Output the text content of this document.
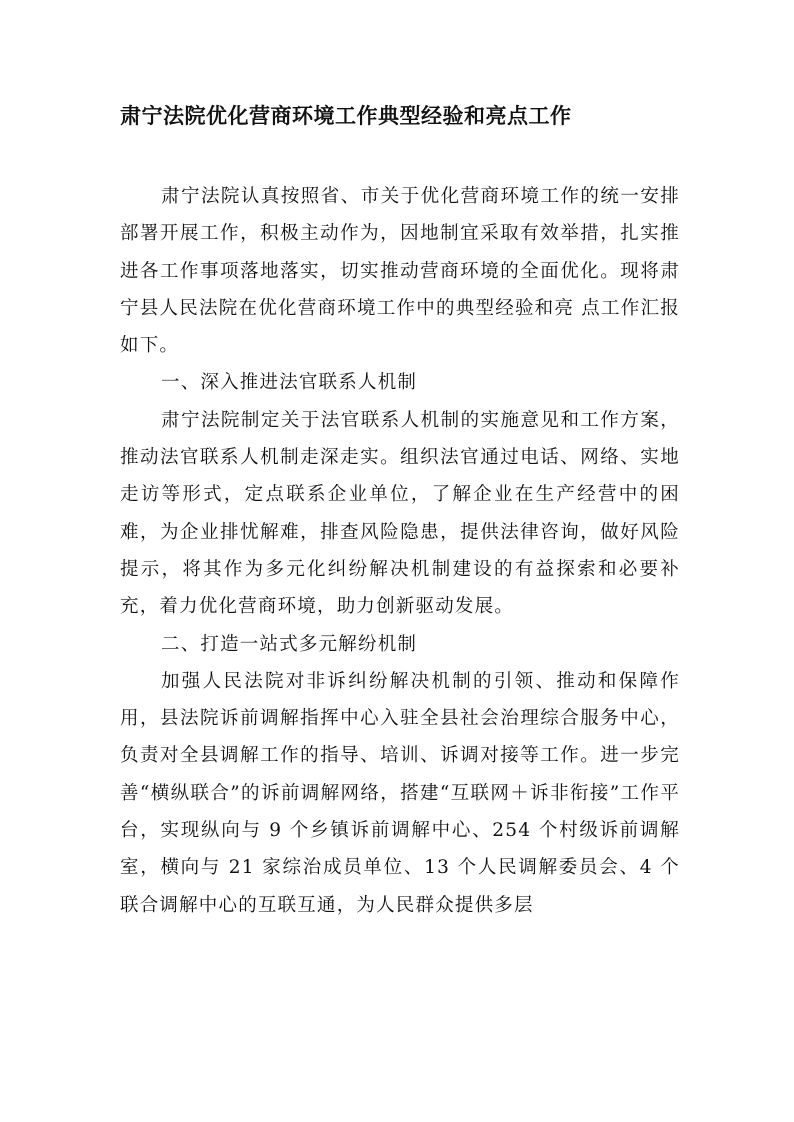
肃宁法院优化营商环境工作典型经验和亮点工作

肃宁法院认真按照省、市关于优化营商环境工作的统一安排部署开展工作，积极主动作为，因地制宜采取有效举措，扎实推进各工作事项落地落实，切实推动营商环境的全面优化。现将肃宁县人民法院在优化营商环境工作中的典型经验和亮 点工作汇报如下。

一、深入推进法官联系人机制

肃宁法院制定关于法官联系人机制的实施意见和工作方案，推动法官联系人机制走深走实。组织法官通过电话、网络、实地走访等形式，定点联系企业单位，了解企业在生产经营中的困难，为企业排忧解难，排查风险隐患，提供法律咨询，做好风险提示，将其作为多元化纠纷解决机制建设的有益探索和必要补充，着力优化营商环境，助力创新驱动发展。

二、打造一站式多元解纷机制

加强人民法院对非诉纠纷解决机制的引领、推动和保障作用，县法院诉前调解指挥中心入驻全县社会治理综合服务中心，负责对全县调解工作的指导、培训、诉调对接等工作。进一步完善“横纵联合”的诉前调解网络，搭建“互联网＋诉非衔接”工作平台，实现纵向与 9 个乡镇诉前调解中心、254 个村级诉前调解室，横向与 21 家综治成员单位、13 个人民调解委员会、4 个联合调解中心的互联互通，为人民群众提供多层
